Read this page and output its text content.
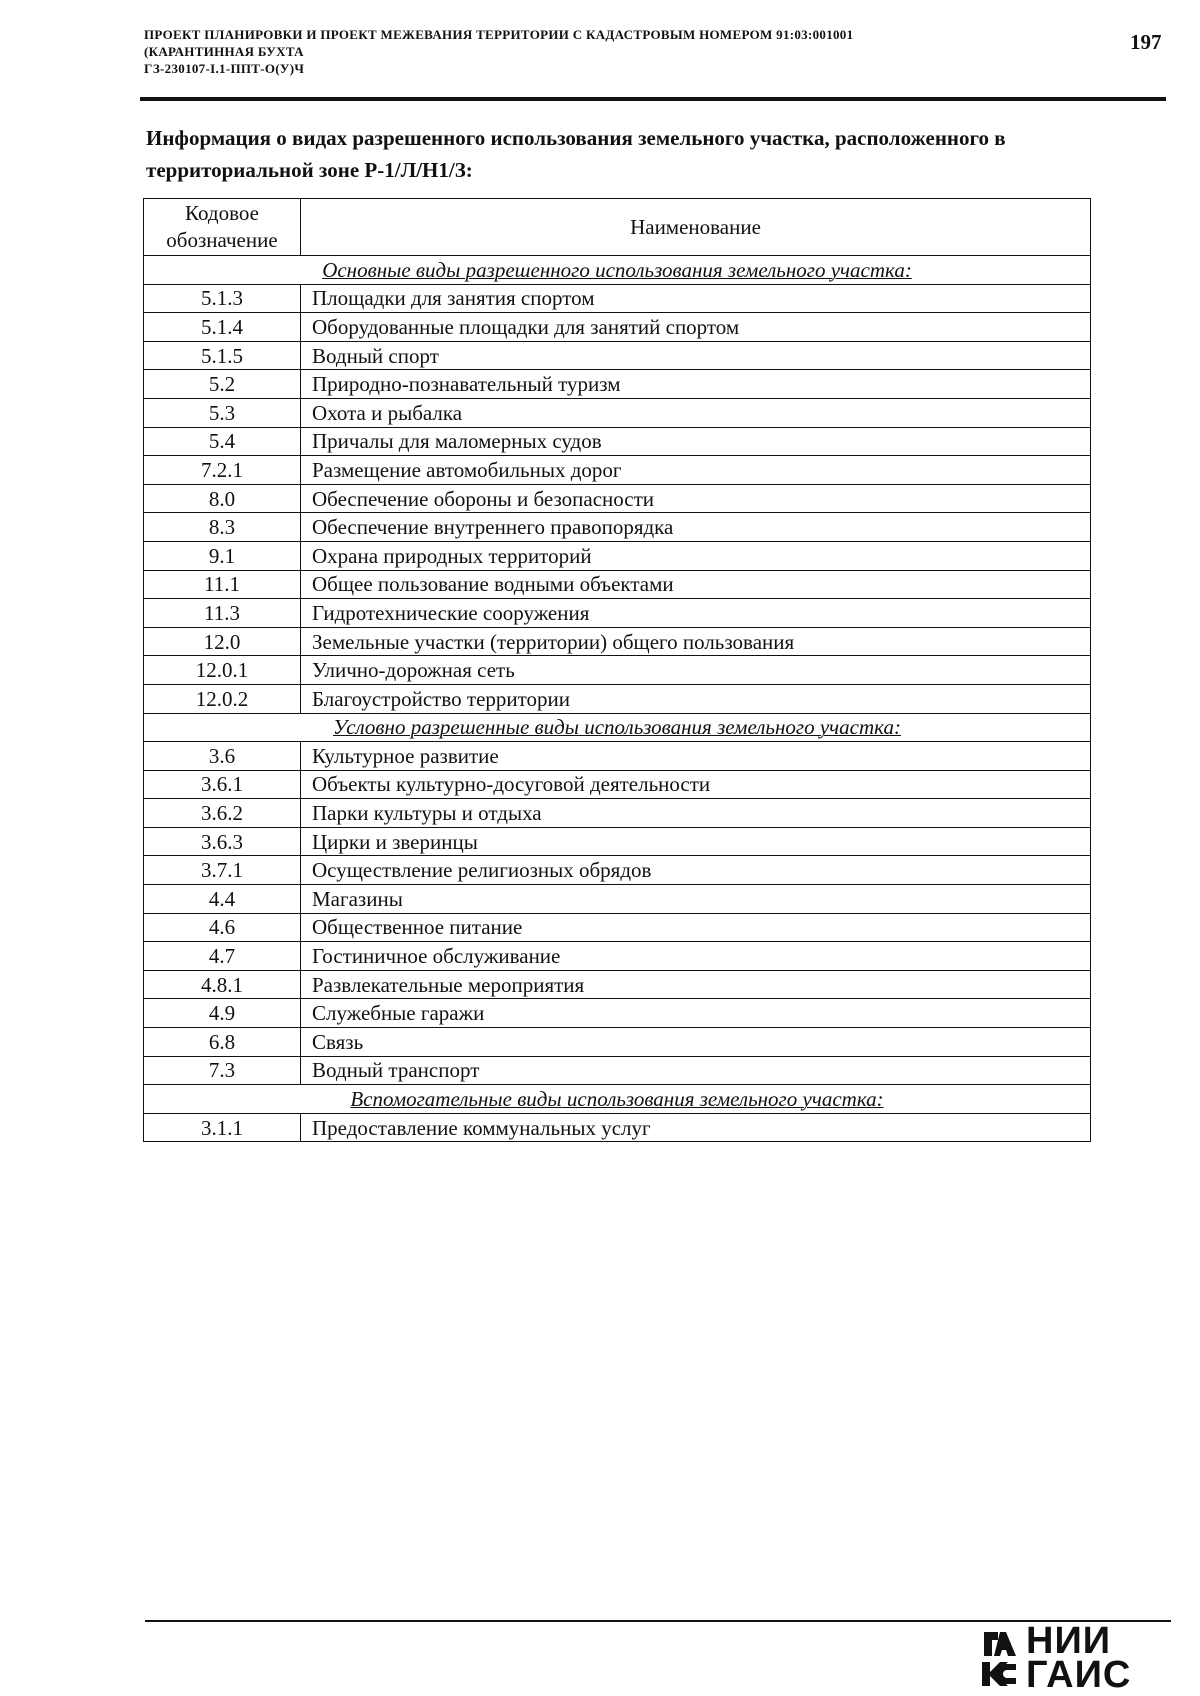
ПРОЕКТ ПЛАНИРОВКИ И ПРОЕКТ МЕЖЕВАНИЯ ТЕРРИТОРИИ С КАДАСТРОВЫМ НОМЕРОМ 91:03:001001
(КАРАНТИННАЯ БУХТА
ГЗ-230107-I.1-ППТ-О(У)Ч
197
Информация о видах разрешенного использования земельного участка, расположенного в территориальной зоне Р-1/Л/Н1/З:
Кодовое обозначение	Наименование
Основные виды разрешенного использования земельного участка:	
5.1.3	Площадки для занятия спортом
5.1.4	Оборудованные площадки для занятий спортом
5.1.5	Водный спорт
5.2	Природно-познавательный туризм
5.3	Охота и рыбалка
5.4	Причалы для маломерных судов
7.2.1	Размещение автомобильных дорог
8.0	Обеспечение обороны и безопасности
8.3	Обеспечение внутреннего правопорядка
9.1	Охрана природных территорий
11.1	Общее пользование водными объектами
11.3	Гидротехнические сооружения
12.0	Земельные участки (территории) общего пользования
12.0.1	Улично-дорожная сеть
12.0.2	Благоустройство территории
Условно разрешенные виды использования земельного участка:	
3.6	Культурное развитие
3.6.1	Объекты культурно-досуговой деятельности
3.6.2	Парки культуры и отдыха
3.6.3	Цирки и зверинцы
3.7.1	Осуществление религиозных обрядов
4.4	Магазины
4.6	Общественное питание
4.7	Гостиничное обслуживание
4.8.1	Развлекательные мероприятия
4.9	Служебные гаражи
6.8	Связь
7.3	Водный транспорт
Вспомогательные виды использования земельного участка:	
3.1.1	Предоставление коммунальных услуг
НИИ
ГАИС
